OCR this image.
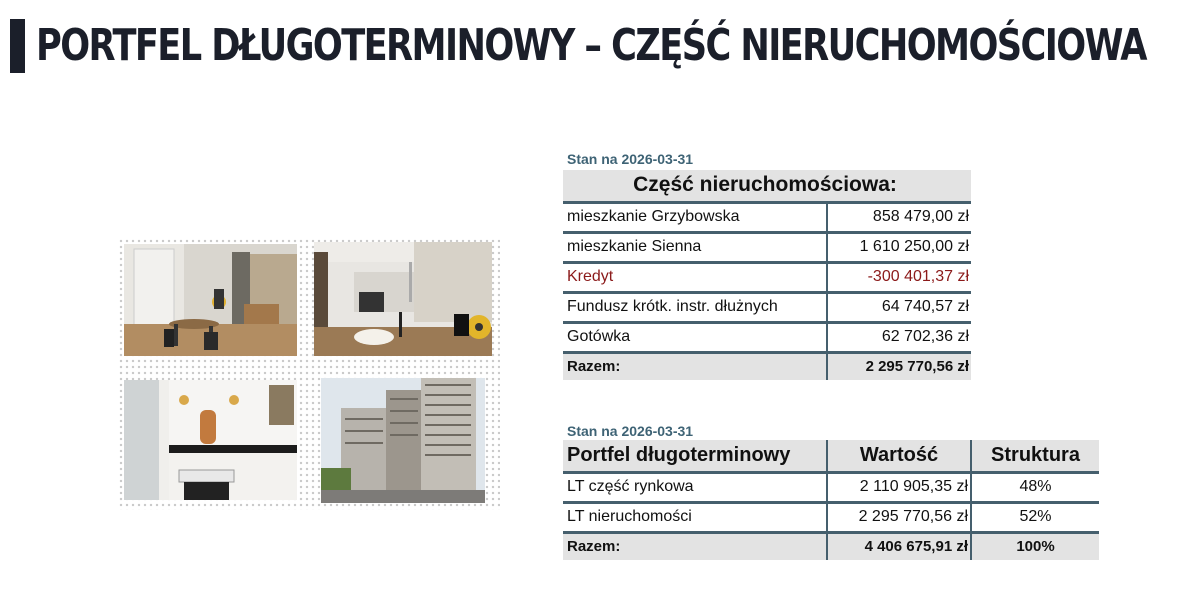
PORTFEL DŁUGOTERMINOWY – CZĘŚĆ NIERUCHOMOŚCIOWA
Stan na 2026-03-31
Część nieruchomościowa:	
mieszkanie Grzybowska	858 479,00 zł
mieszkanie Sienna	1 610 250,00 zł
Kredyt	-300 401,37 zł
Fundusz krótk. instr. dłużnych	64 740,57 zł
Gotówka	62 702,36 zł
Razem:	2 295 770,56 zł
Stan na 2026-03-31
Portfel długoterminowy	Wartość	Struktura
LT część rynkowa	2 110 905,35 zł	48%
LT nieruchomości	2 295 770,56 zł	52%
Razem:	4 406 675,91 zł	100%
